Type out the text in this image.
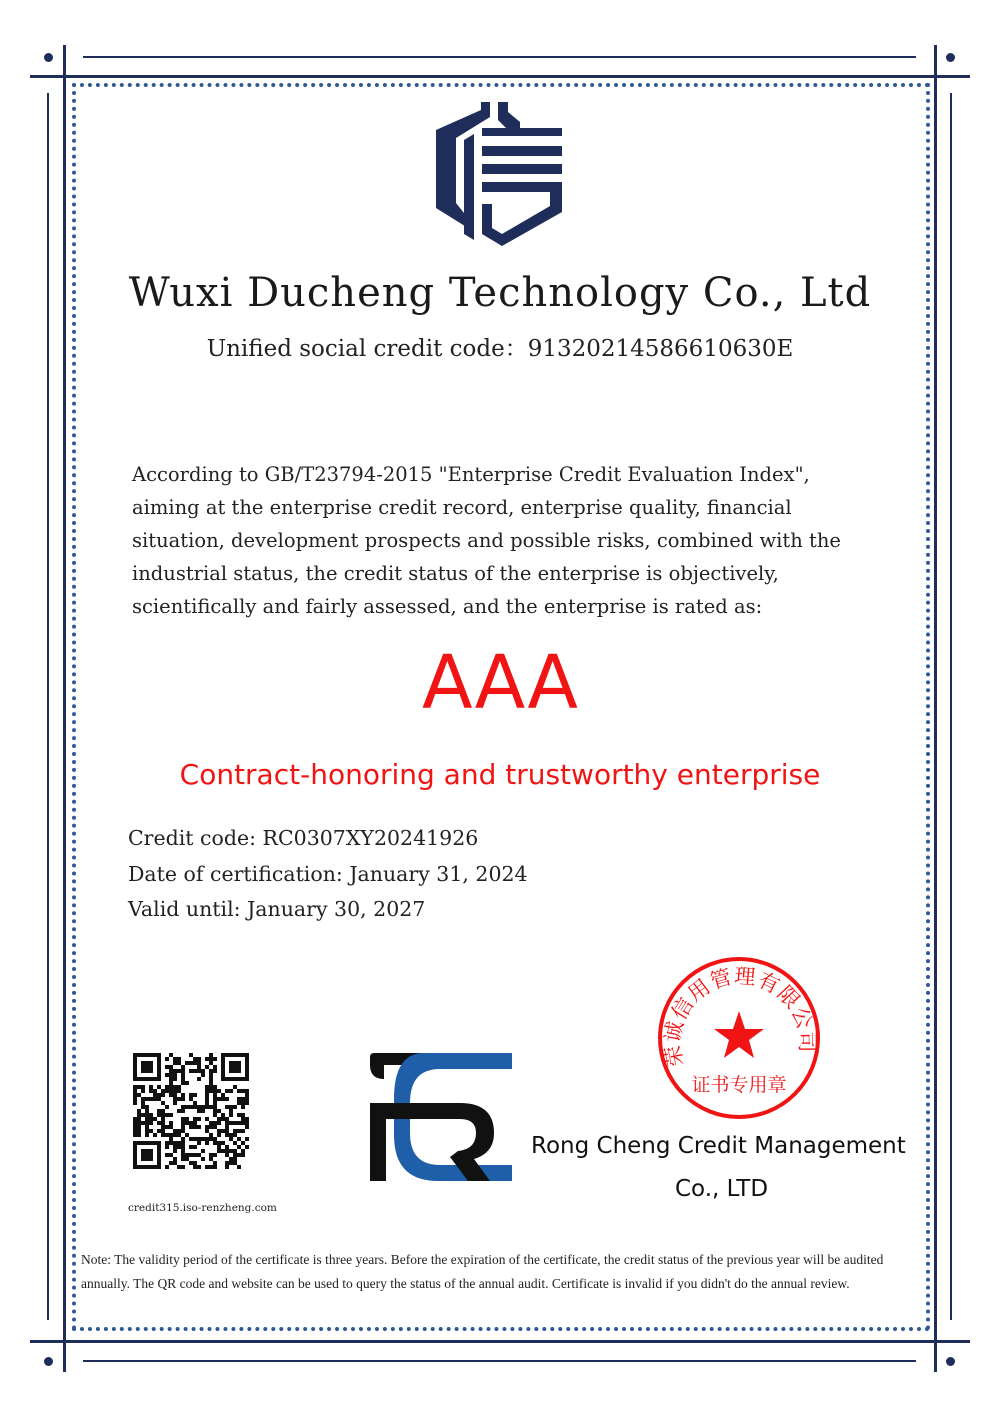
Wuxi Ducheng Technology Co., Ltd
Unified social credit code：91320214586610630E
According to GB/T23794-2015 "Enterprise Credit Evaluation Index", aiming at the enterprise credit record, enterprise quality, financial situation, development prospects and possible risks, combined with the industrial status, the credit status of the enterprise is objectively, scientifically and fairly assessed, and the enterprise is rated as:
AAA
Contract-honoring and trustworthy enterprise
Credit code: RC0307XY20241926
Date of certification: January 31, 2024
Valid until: January 30, 2027
credit315.iso-renzheng.com
荣诚信用管理有限公司
证书专用章
Rong Cheng Credit Management
Co., LTD
Note: The validity period of the certificate is three years. Before the expiration of the certificate, the credit status of the previous year will be audited annually. The QR code and website can be used to query the status of the annual audit. Certificate is invalid if you didn't do the annual review.
